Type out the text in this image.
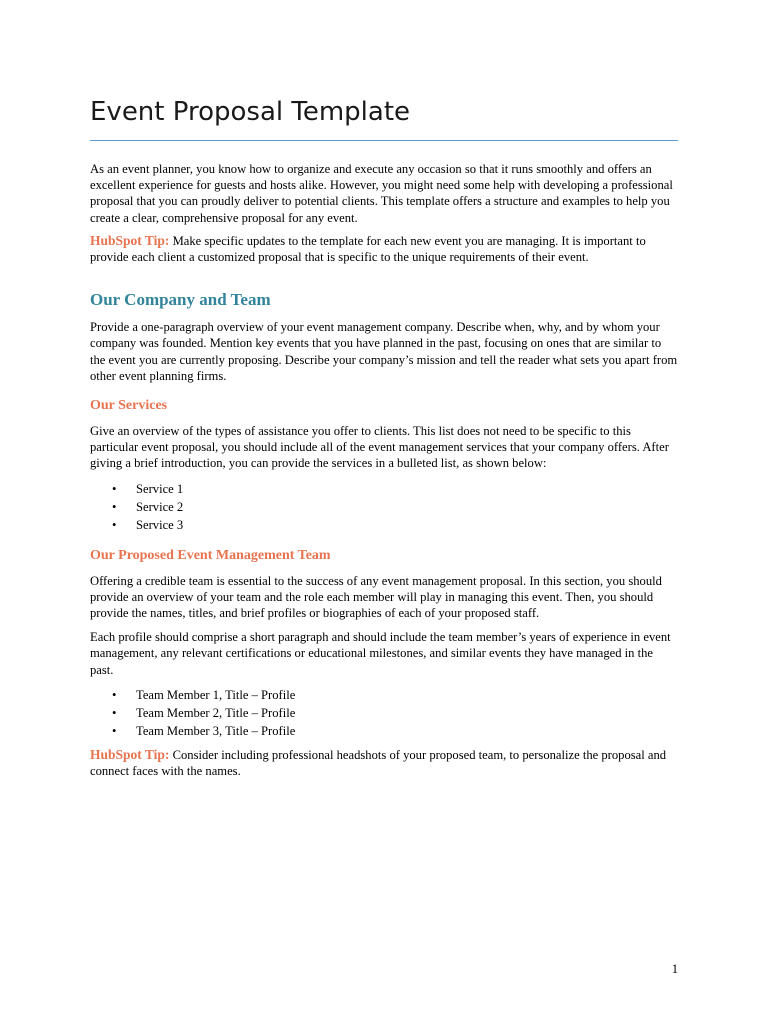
Event Proposal Template

As an event planner, you know how to organize and execute any occasion so that it runs smoothly and offers an excellent experience for guests and hosts alike. However, you might need some help with developing a professional proposal that you can proudly deliver to potential clients. This template offers a structure and examples to help you create a clear, comprehensive proposal for any event.

HubSpot Tip: Make specific updates to the template for each new event you are managing. It is important to provide each client a customized proposal that is specific to the unique requirements of their event.

Our Company and Team

Provide a one-paragraph overview of your event management company. Describe when, why, and by whom your company was founded. Mention key events that you have planned in the past, focusing on ones that are similar to the event you are currently proposing. Describe your company’s mission and tell the reader what sets you apart from other event planning firms.

Our Services

Give an overview of the types of assistance you offer to clients. This list does not need to be specific to this particular event proposal, you should include all of the event management services that your company offers. After giving a brief introduction, you can provide the services in a bulleted list, as shown below:

• Service 1
• Service 2
• Service 3
Our Proposed Event Management Team

Offering a credible team is essential to the success of any event management proposal. In this section, you should provide an overview of your team and the role each member will play in managing this event. Then, you should provide the names, titles, and brief profiles or biographies of each of your proposed staff.

Each profile should comprise a short paragraph and should include the team member’s years of experience in event management, any relevant certifications or educational milestones, and similar events they have managed in the past.

• Team Member 1, Title – Profile
• Team Member 2, Title – Profile
• Team Member 3, Title – Profile

HubSpot Tip: Consider including professional headshots of your proposed team, to personalize the proposal and connect faces with the names.

1
